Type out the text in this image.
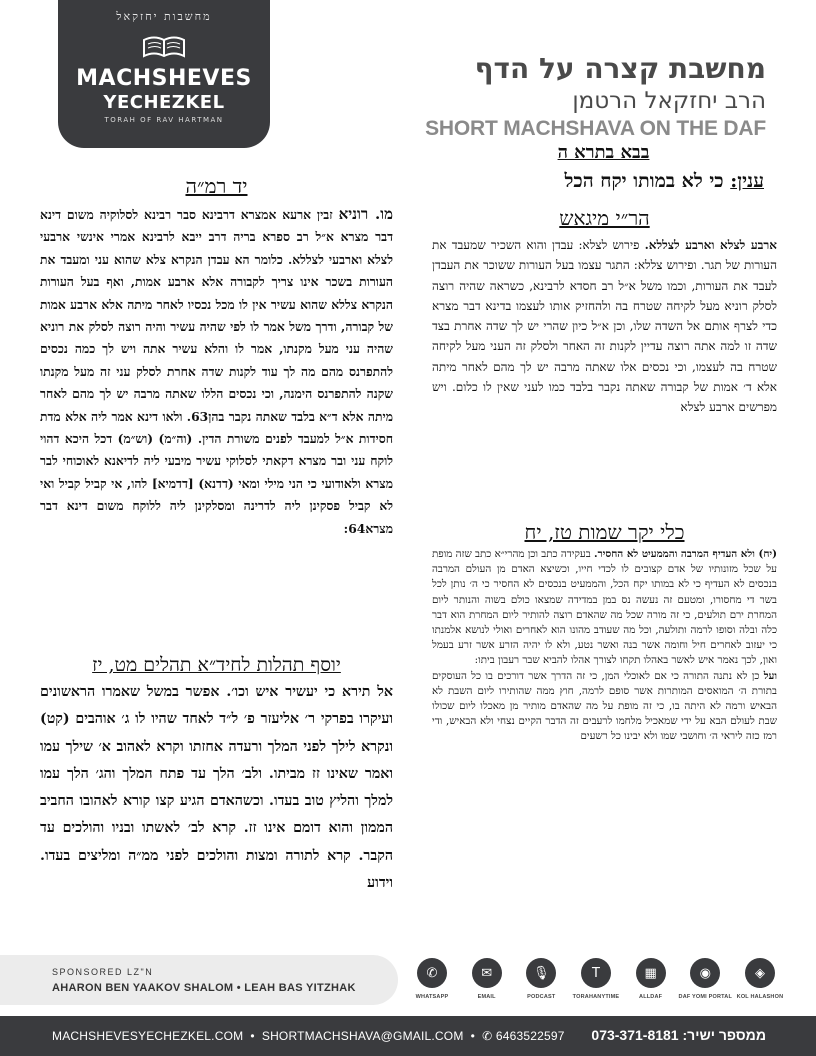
מחשבות יחזקאל
MACHSHEVES
YECHEZKEL
TORAH OF RAV HARTMAN
מחשבת קצרה על הדף
הרב יחזקאל הרטמן
SHORT MACHSHAVA ON THE DAF
בבא בתרא ה
ענין: כי לא במותו יקח הכל
יד רמ״ה
מו. רוניא זבין ארעא אמצרא דרבינא סבר רבינא לסלוקיה משום דינא דבר מצרא א״ל רב ספרא בריה דרב ייבא לרבינא אמרי אינשי ארבעי לצלא וארבעי לצללא. כלומר הא עבדן הנקרא צלא שהוא עני ומעבד את העורות בשכר אינו צריך לקבורה אלא ארבע אמות, ואף בעל העורות הנקרא צללא שהוא עשיר אין לו מכל נכסיו לאחר מיתה אלא ארבע אמות של קבורה, ודרך משל אמר לו לפי שהיה עשיר והיה רוצה לסלק את רוניא שהיה עני מעל מקנתו, אמר לו והלא עשיר אתה ויש לך כמה נכסים להתפרנס מהם מה לך עוד לקנות שדה אחרת לסלק עני זה מעל מקנתו שקנה להתפרנס הימנה, וכי נכסים הללו שאתה מרבה יש לך מהם לאחר מיתה אלא ד״א בלבד שאתה נקבר בהן63. ולאו דינא אמר ליה אלא מדת חסידות א״ל למעבד לפנים משורת הדין. (וה״מ) (וש״מ) דכל היכא דהוי לוקח עני ובר מצרא דקאתי לסלוקי עשיר מיבעי ליה לדיאנא לאוכוחי לבר מצרא ולאודועי כי הני מילי ומאי (דדנא) [דדמיא] להו, אי קביל קביל ואי לא קביל פסקינן ליה לדרינה ומסלקינן ליה ללוקח משום דינא דבר מצרא64:
הר״י מיגאש
ארבע לצלא וארבע לצללא. פירוש לצלא: עבדן והוא השכיר שמעבד את העורות של תגר. ופירוש צללא: התגר עצמו בעל העורות ששוכר את העבדן לעבד את העורות, וכמו משל א״ל רב חסדא לרבינא, כשראה שהיה רוצה לסלק רוניא מעל לקיחה שטרח בה ולהחזיק אותו לעצמו בדינא דבר מצרא כדי לצרף אותם אל השדה שלו, וכן א״ל כיון שהרי יש לך שדה אחרת בצד שדה זו למה אתה רוצה עדיין לקנות זה האחר ולסלק זה העני מעל לקיחה שטרח בה לעצמו, וכי נכסים אלו שאתה מרבה יש לך מהם לאחר מיתה אלא ד׳ אמות של קבורה שאתה נקבר בלבד כמו לעני שאין לו כלום. ויש מפרשים ארבע לצלא
כלי יקר שמות טז, יח
(יח) ולא העדיף המרבה והממעיט לא החסיר. בעקידה כתב וכן מהרי״א כתב שזה מופת על שכל מזונותיו של אדם קצובים לו לכדי חייו, וכשיצא האדם מן העולם המרבה בנכסים לא העדיף כי לא במותו יקח הכל, והממעיט בנכסים לא החסיר כי ה׳ נותן לכל בשר די מחסורו, ומטעם זה נעשה נס במן במדידה שמצאו כולם בשוה והנותר ליום המחרת ירם תולעים, כי זה מורה שכל מה שהאדם רוצה להותיר ליום המחרת הוא דבר כלה ובלה וסופו לרמה ותולעה, וכל מה שעודב מהונו הוא לאחרים ואולי לנושא אלמנתו כי יעזוב לאחרים חיל וחומה אשר בנה ואשר נטע, ולא לו יהיה הזרע אשר זרע בעמל ואון, לכך נאמר איש לאשר באהלו תקחו לצורך אהלו להביא שבר רעבון ביתו:
ועל כן לא נתנה התורה כי אם לאוכלי המן, כי זה הדרך אשר דורכים בו כל העוסקים בתורת ה׳ המואסים המותרות אשר סופם לרמה, חוץ ממה שהותירו ליום השבת לא הבאיש ורמה לא היתה בו, כי זה מופת על מה שהאדם מותיר מן מאכלו ליום שכולו שבת לעולם הבא על ידי שמאכיל מלחמו לרעבים זה הדבר הקיים נצחי ולא הבאיש, ודי רמז כזה ליראי ה׳ וחושבי שמו ולא יבינו כל רשעים
יוסף תהלות לחיד״א תהלים מט, יז
אל תירא כי יעשיר איש וכו׳. אפשר במשל שאמרו הראשונים ועיקרו בפרקי ר׳ אליעזר פ׳ ל״ד לאחד שהיו לו ג׳ אוהבים (קט) ונקרא לילך לפני המלך ורעדה אחזתו וקרא לאהוב א׳ שילך עמו ואמר שאינו זז מביתו. ולב׳ הלך עד פתח המלך והג׳ הלך עמו למלך והליץ טוב בעדו. וכשהאדם הגיע קצו קורא לאהובו החביב הממון והוא דומם אינו זז. קרא לב׳ לאשתו ובניו והולכים עד הקבר. קרא לתורה ומצות והולכים לפני ממ״ה ומליצים בעדו. וידוע
SPONSORED LZ"N
AHARON BEN YAAKOV SHALOM • LEAH BAS YITZHAK
✆
WHATSAPP
✉
EMAIL
🎙
PODCAST
T
TORAHANYTIME
▦
ALLDAF
◉
DAF YOMI PORTAL
◈
KOL HALASHON
MACHSHEVESYECHEZKEL.COM  •  SHORTMACHSHAVA@GMAIL.COM  •  ✆ 6463522597	ממספר ישיר: 073-371-8181
